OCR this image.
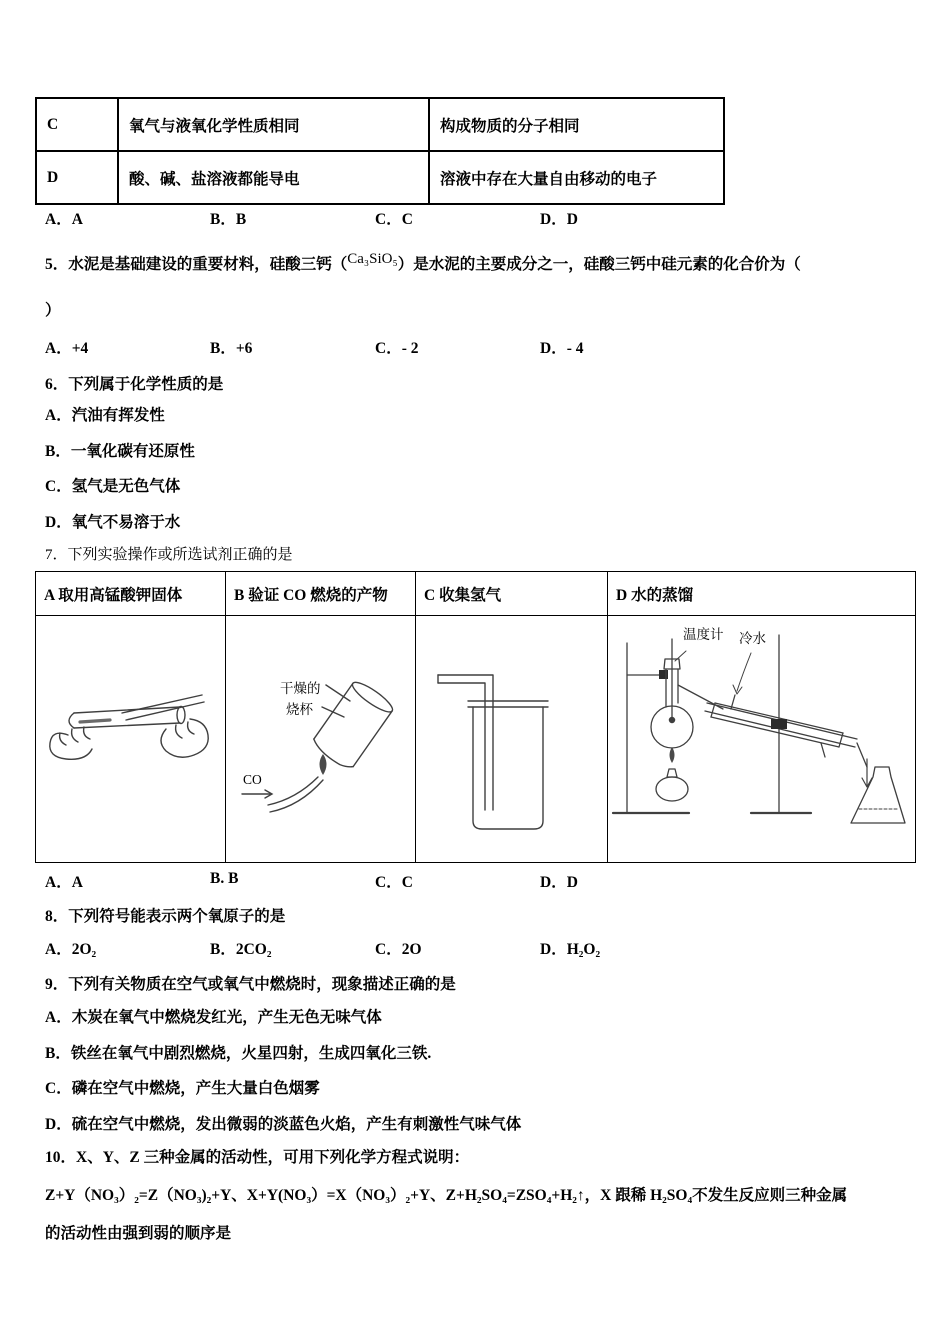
C	氧气与液氧化学性质相同	构成物质的分子相同
D	酸、碱、盐溶液都能导电	溶液中存在大量自由移动的电子
A．A	B．B	C．C	D．D
5．水泥是基础建设的重要材料，硅酸三钙（Ca₃SiO₅）是水泥的主要成分之一，硅酸三钙中硅元素的化合价为（
）
A．+4	B．+6	C．- 2	D．- 4
6．下列属于化学性质的是
A．汽油有挥发性
B．一氧化碳有还原性
C．氢气是无色气体
D．氧气不易溶于水
7．下列实验操作或所选试剂正确的是
A 取用高锰酸钾固体	B 验证 CO 燃烧的产物	C 收集氢气	D 水的蒸馏

干燥的
烧杯
CO		温度计 冷水
A．A	B. B	C．C	D．D
8．下列符号能表示两个氧原子的是
A．2O₂	B．2CO₂	C．2O	D．H₂O₂
9．下列有关物质在空气或氧气中燃烧时，现象描述正确的是
A．木炭在氧气中燃烧发红光，产生无色无味气体
B．铁丝在氧气中剧烈燃烧，火星四射，生成四氧化三铁.
C．磷在空气中燃烧，产生大量白色烟雾
D．硫在空气中燃烧，发出微弱的淡蓝色火焰，产生有刺激性气味气体
10．X、Y、Z 三种金属的活动性，可用下列化学方程式说明：
Z+Y（NO₃）₂=Z（NO₃)₂+Y、X+Y(NO₃）=X（NO₃）₂+Y、Z+H₂SO₄=ZSO₄+H₂↑，X 跟稀 H₂SO₄不发生反应则三种金属
的活动性由强到弱的顺序是
